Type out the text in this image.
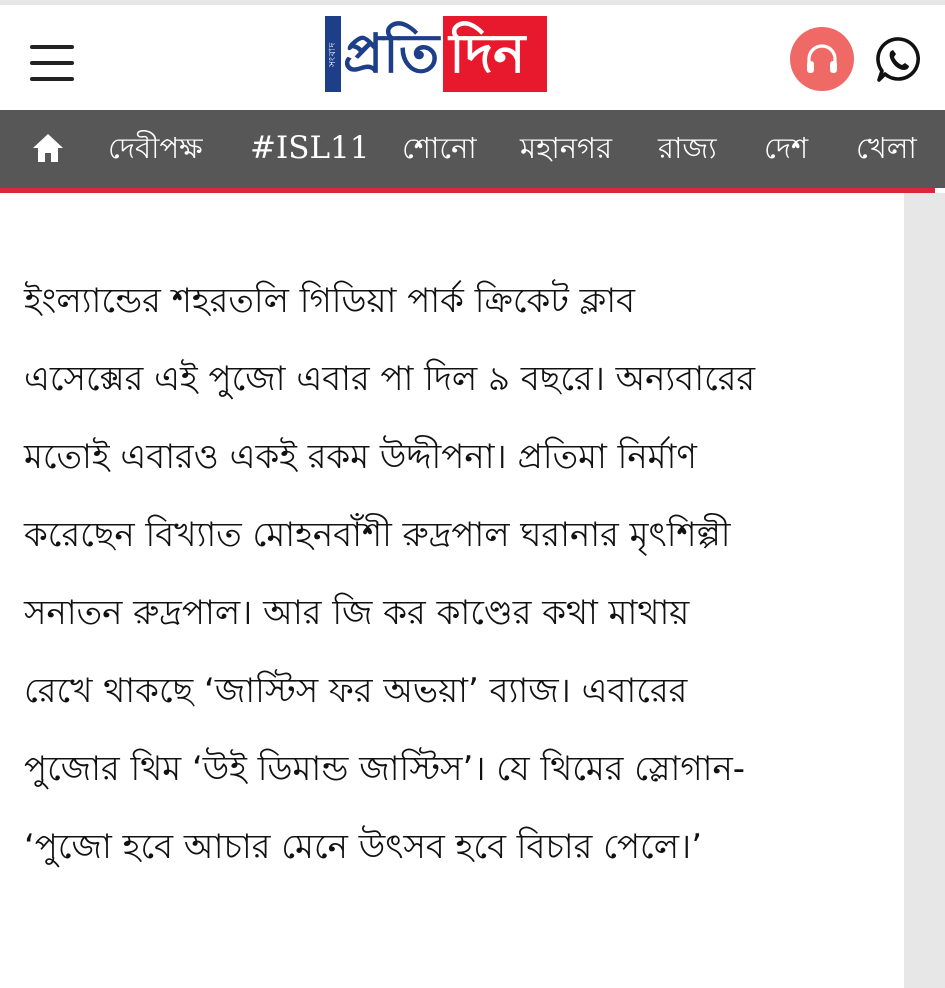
সংবাদ প্রতি দিন
দেবীপক্ষ #ISL11 শোনো মহানগর রাজ্য দেশ খেলা

ইংল্যান্ডের শহরতলি গিডিয়া পার্ক ক্রিকেট ক্লাব

এসেক্সের এই পুজো এবার পা দিল ৯ বছরে। অন্যবারের

মতোই এবারও একই রকম উদ্দীপনা। প্রতিমা নির্মাণ

করেছেন বিখ্যাত মোহনবাঁশী রুদ্রপাল ঘরানার মৃৎশিল্পী

সনাতন রুদ্রপাল। আর জি কর কাণ্ডের কথা মাথায়

রেখে থাকছে ‘জাস্টিস ফর অভয়া’ ব্যাজ। এবারের

পুজোর থিম ‘উই ডিমান্ড জাস্টিস’। যে থিমের স্লোগান-

‘পুজো হবে আচার মেনে উৎসব হবে বিচার পেলে।’
